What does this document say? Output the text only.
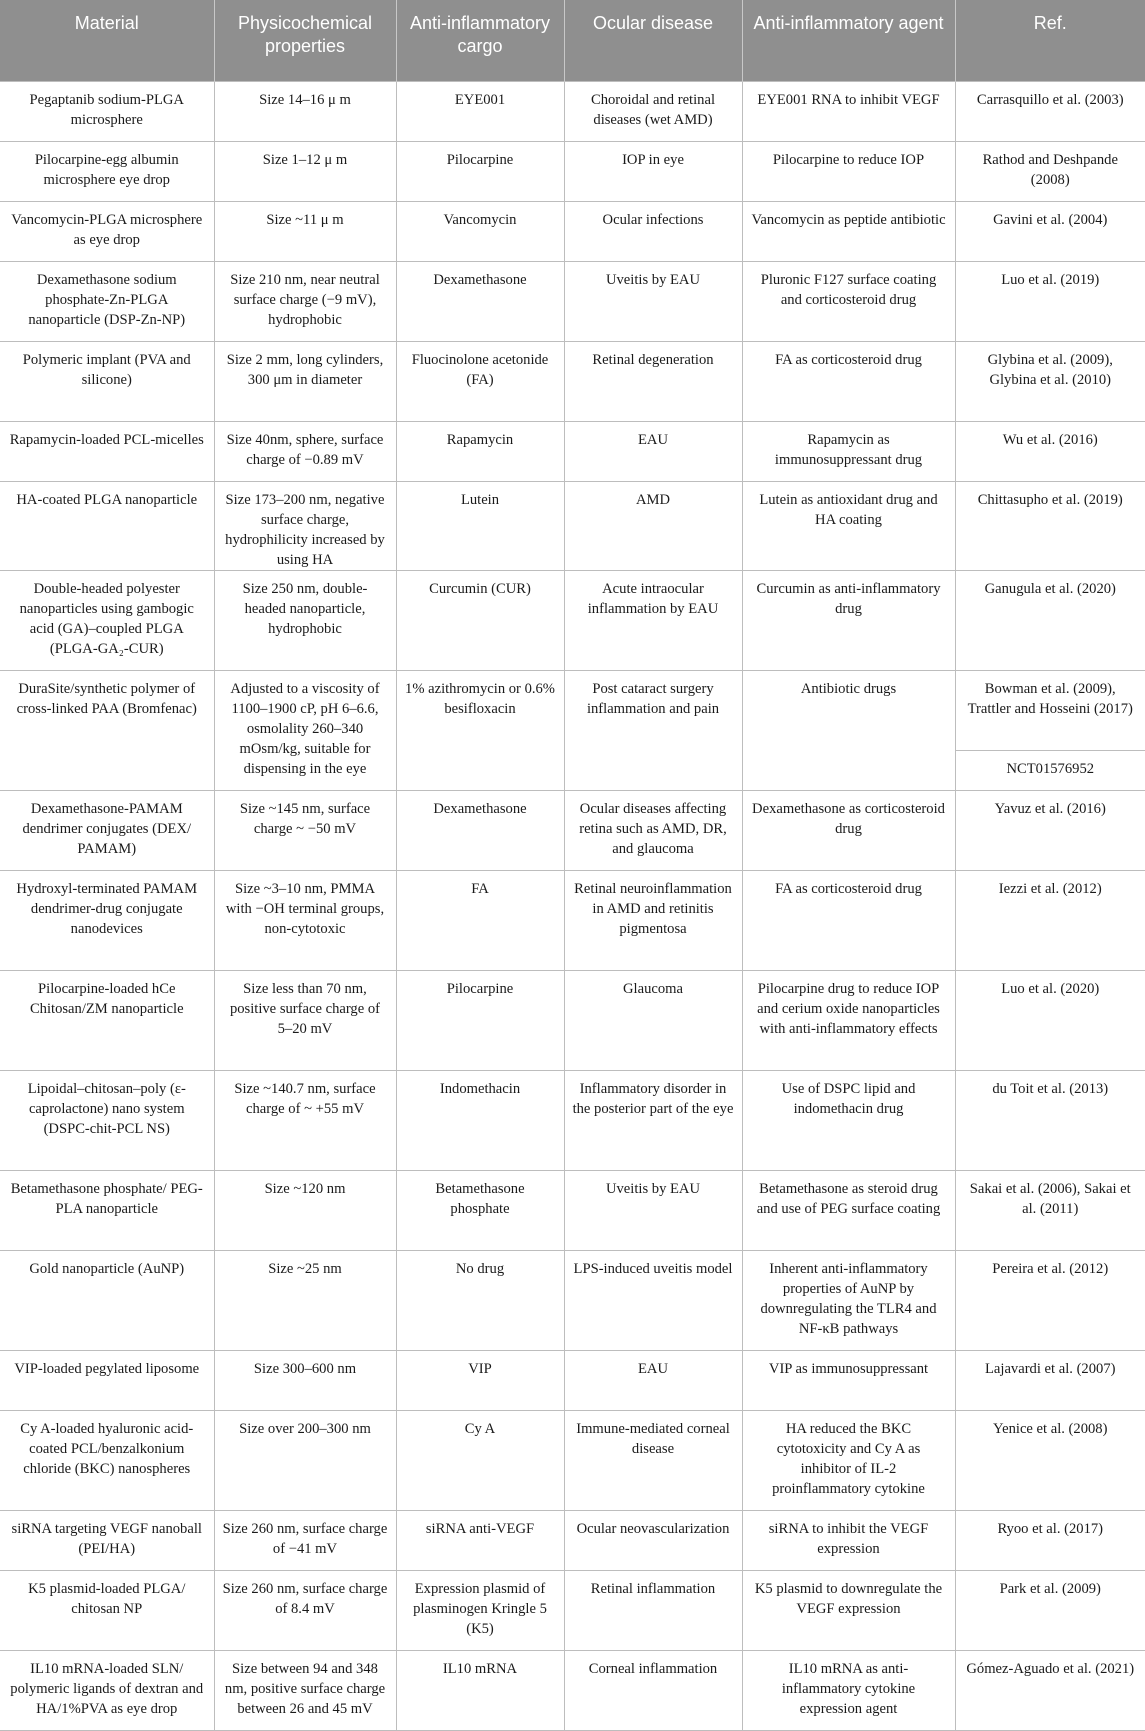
Material	Physicochemical properties	Anti-inflammatory cargo	Ocular disease	Anti-inflammatory agent	Ref.
Pegaptanib sodium-PLGA microsphere	Size 14–16 μ m	EYE001	Choroidal and retinal diseases (wet AMD)	EYE001 RNA to inhibit VEGF	Carrasquillo et al. (2003)
Pilocarpine-egg albumin microsphere eye drop	Size 1–12 μ m	Pilocarpine	IOP in eye	Pilocarpine to reduce IOP	Rathod and Deshpande (2008)
Vancomycin-PLGA microsphere as eye drop	Size ~11 μ m	Vancomycin	Ocular infections	Vancomycin as peptide antibiotic	Gavini et al. (2004)
Dexamethasone sodium phosphate-Zn-PLGA nanoparticle (DSP-Zn-NP)	Size 210 nm, near neutral surface charge (−9 mV), hydrophobic	Dexamethasone	Uveitis by EAU	Pluronic F127 surface coating and corticosteroid drug	Luo et al. (2019)
Polymeric implant (PVA and silicone)	Size 2 mm, long cylinders, 300 μm in diameter	Fluocinolone acetonide (FA)	Retinal degeneration	FA as corticosteroid drug	Glybina et al. (2009), Glybina et al. (2010)
Rapamycin-loaded PCL-micelles	Size 40nm, sphere, surface charge of −0.89 mV	Rapamycin	EAU	Rapamycin as immunosuppressant drug	Wu et al. (2016)
HA-coated PLGA nanoparticle	Size 173–200 nm, negative surface charge, hydrophilicity increased by using HA	Lutein	AMD	Lutein as antioxidant drug and HA coating	Chittasupho et al. (2019)
Double-headed polyester nanoparticles using gambogic acid (GA)–coupled PLGA (PLGA-GA₂-CUR)	Size 250 nm, double-headed nanoparticle, hydrophobic	Curcumin (CUR)	Acute intraocular inflammation by EAU	Curcumin as anti-inflammatory drug	Ganugula et al. (2020)
DuraSite/synthetic polymer of cross-linked PAA (Bromfenac)	Adjusted to a viscosity of 1100–1900 cP, pH 6–6.6, osmolality 260–340 mOsm/kg, suitable for dispensing in the eye	1% azithromycin or 0.6% besifloxacin	Post cataract surgery inflammation and pain	Antibiotic drugs	Bowman et al. (2009), Trattler and Hosseini (2017)
					NCT01576952
Dexamethasone-PAMAM dendrimer conjugates (DEX/ PAMAM)	Size ~145 nm, surface charge ~ −50 mV	Dexamethasone	Ocular diseases affecting retina such as AMD, DR, and glaucoma	Dexamethasone as corticosteroid drug	Yavuz et al. (2016)
Hydroxyl-terminated PAMAM dendrimer-drug conjugate nanodevices	Size ~3–10 nm, PMMA with −OH terminal groups, non-cytotoxic	FA	Retinal neuroinflammation in AMD and retinitis pigmentosa	FA as corticosteroid drug	Iezzi et al. (2012)
Pilocarpine-loaded hCe Chitosan/ZM nanoparticle	Size less than 70 nm, positive surface charge of 5–20 mV	Pilocarpine	Glaucoma	Pilocarpine drug to reduce IOP and cerium oxide nanoparticles with anti-inflammatory effects	Luo et al. (2020)
Lipoidal–chitosan–poly (ε-caprolactone) nano system (DSPC-chit-PCL NS)	Size ~140.7 nm, surface charge of ~ +55 mV	Indomethacin	Inflammatory disorder in the posterior part of the eye	Use of DSPC lipid and indomethacin drug	du Toit et al. (2013)
Betamethasone phosphate/ PEG-PLA nanoparticle	Size ~120 nm	Betamethasone phosphate	Uveitis by EAU	Betamethasone as steroid drug and use of PEG surface coating	Sakai et al. (2006), Sakai et al. (2011)
Gold nanoparticle (AuNP)	Size ~25 nm	No drug	LPS-induced uveitis model	Inherent anti-inflammatory properties of AuNP by downregulating the TLR4 and NF-κB pathways	Pereira et al. (2012)
VIP-loaded pegylated liposome	Size 300–600 nm	VIP	EAU	VIP as immunosuppressant	Lajavardi et al. (2007)
Cy A-loaded hyaluronic acid-coated PCL/benzalkonium chloride (BKC) nanospheres	Size over 200–300 nm	Cy A	Immune-mediated corneal disease	HA reduced the BKC cytotoxicity and Cy A as inhibitor of IL-2 proinflammatory cytokine	Yenice et al. (2008)
siRNA targeting VEGF nanoball (PEI/HA)	Size 260 nm, surface charge of −41 mV	siRNA anti-VEGF	Ocular neovascularization	siRNA to inhibit the VEGF expression	Ryoo et al. (2017)
K5 plasmid-loaded PLGA/ chitosan NP	Size 260 nm, surface charge of 8.4 mV	Expression plasmid of plasminogen Kringle 5 (K5)	Retinal inflammation	K5 plasmid to downregulate the VEGF expression	Park et al. (2009)
IL10 mRNA-loaded SLN/ polymeric ligands of dextran and HA/1%PVA as eye drop	Size between 94 and 348 nm, positive surface charge between 26 and 45 mV	IL10 mRNA	Corneal inflammation	IL10 mRNA as anti-inflammatory cytokine expression agent	Gómez-Aguado et al. (2021)
